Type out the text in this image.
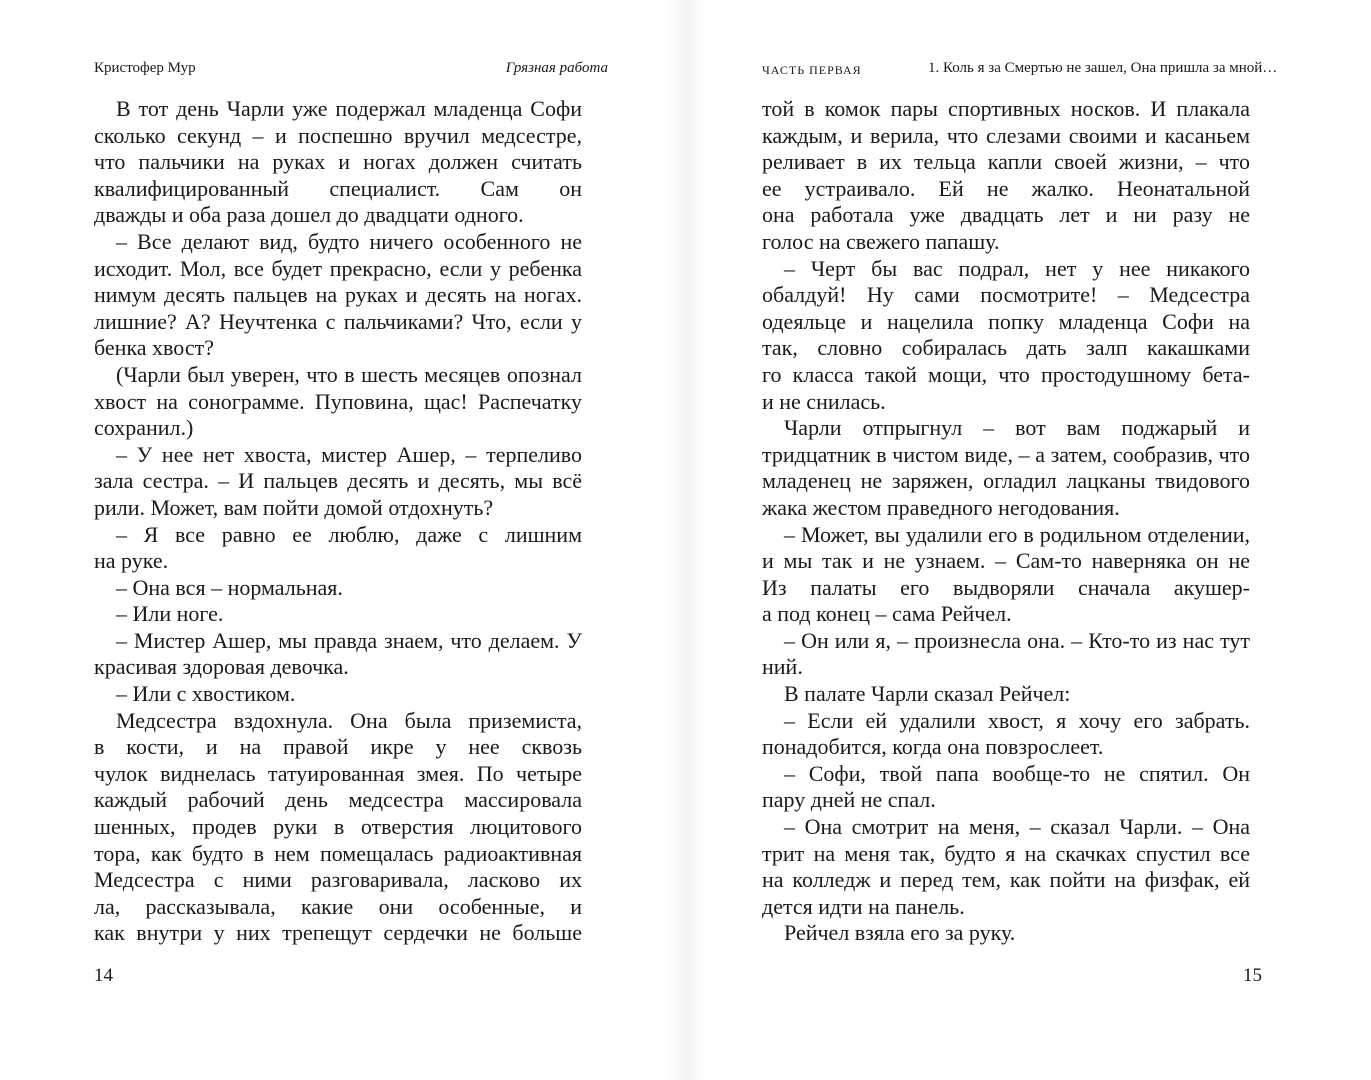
Кристофер Мур	Грязная работа
В тот день Чарли уже подержал младенца Софи
сколько секунд – и поспешно вручил медсестре,
что пальчики на руках и ногах должен считать
квалифицированный специалист. Сам он
дважды и оба раза дошел до двадцати одного.
– Все делают вид, будто ничего особенного не
исходит. Мол, все будет прекрасно, если у ребенка
нимум десять пальцев на руках и десять на ногах.
лишние? А? Неучтенка с пальчиками? Что, если у
бенка хвост?
(Чарли был уверен, что в шесть месяцев опознал
хвост на сонограмме. Пуповина, щас! Распечатку
сохранил.)
– У нее нет хвоста, мистер Ашер, – терпеливо
зала сестра. – И пальцев десять и десять, мы всё
рили. Может, вам пойти домой отдохнуть?
– Я все равно ее люблю, даже с лишним
на руке.
– Она вся – нормальная.
– Или ноге.
– Мистер Ашер, мы правда знаем, что делаем. У
красивая здоровая девочка.
– Или с хвостиком.
Медсестра вздохнула. Она была приземиста,
в кости, и на правой икре у нее сквозь
чулок виднелась татуированная змея. По четыре
каждый рабочий день медсестра массировала
шенных, продев руки в отверстия люцитового
тора, как будто в нем помещалась радиоактивная
Медсестра с ними разговаривала, ласково их
ла, рассказывала, какие они особенные, и
как внутри у них трепещут сердечки не больше
14
ЧАСТЬ ПЕРВАЯ	1. Коль я за Смертью не зашел, Она пришла за мной…
той в комок пары спортивных носков. И плакала
каждым, и верила, что слезами своими и касаньем
реливает в их тельца капли своей жизни, – что
ее устраивало. Ей не жалко. Неонатальной
она работала уже двадцать лет и ни разу не
голос на свежего папашу.
– Черт бы вас подрал, нет у нее никакого
обалдуй! Ну сами посмотрите! – Медсестра
одеяльце и нацелила попку младенца Софи на
так, словно собиралась дать залп какашками
го класса такой мощи, что простодушному бета-
и не снилась.
Чарли отпрыгнул – вот вам поджарый и
тридцатник в чистом виде, – а затем, сообразив, что
младенец не заряжен, огладил лацканы твидового
жака жестом праведного негодования.
– Может, вы удалили его в родильном отделении,
и мы так и не узнаем. – Сам-то наверняка он не
Из палаты его выдворяли сначала акушер-
а под конец – сама Рейчел.
– Он или я, – произнесла она. – Кто-то из нас тут
ний.
В палате Чарли сказал Рейчел:
– Если ей удалили хвост, я хочу его забрать.
понадобится, когда она повзрослеет.
– Софи, твой папа вообще-то не спятил. Он
пару дней не спал.
– Она смотрит на меня, – сказал Чарли. – Она
трит на меня так, будто я на скачках спустил все
на колледж и перед тем, как пойти на физфак, ей
дется идти на панель.
Рейчел взяла его за руку.
15
